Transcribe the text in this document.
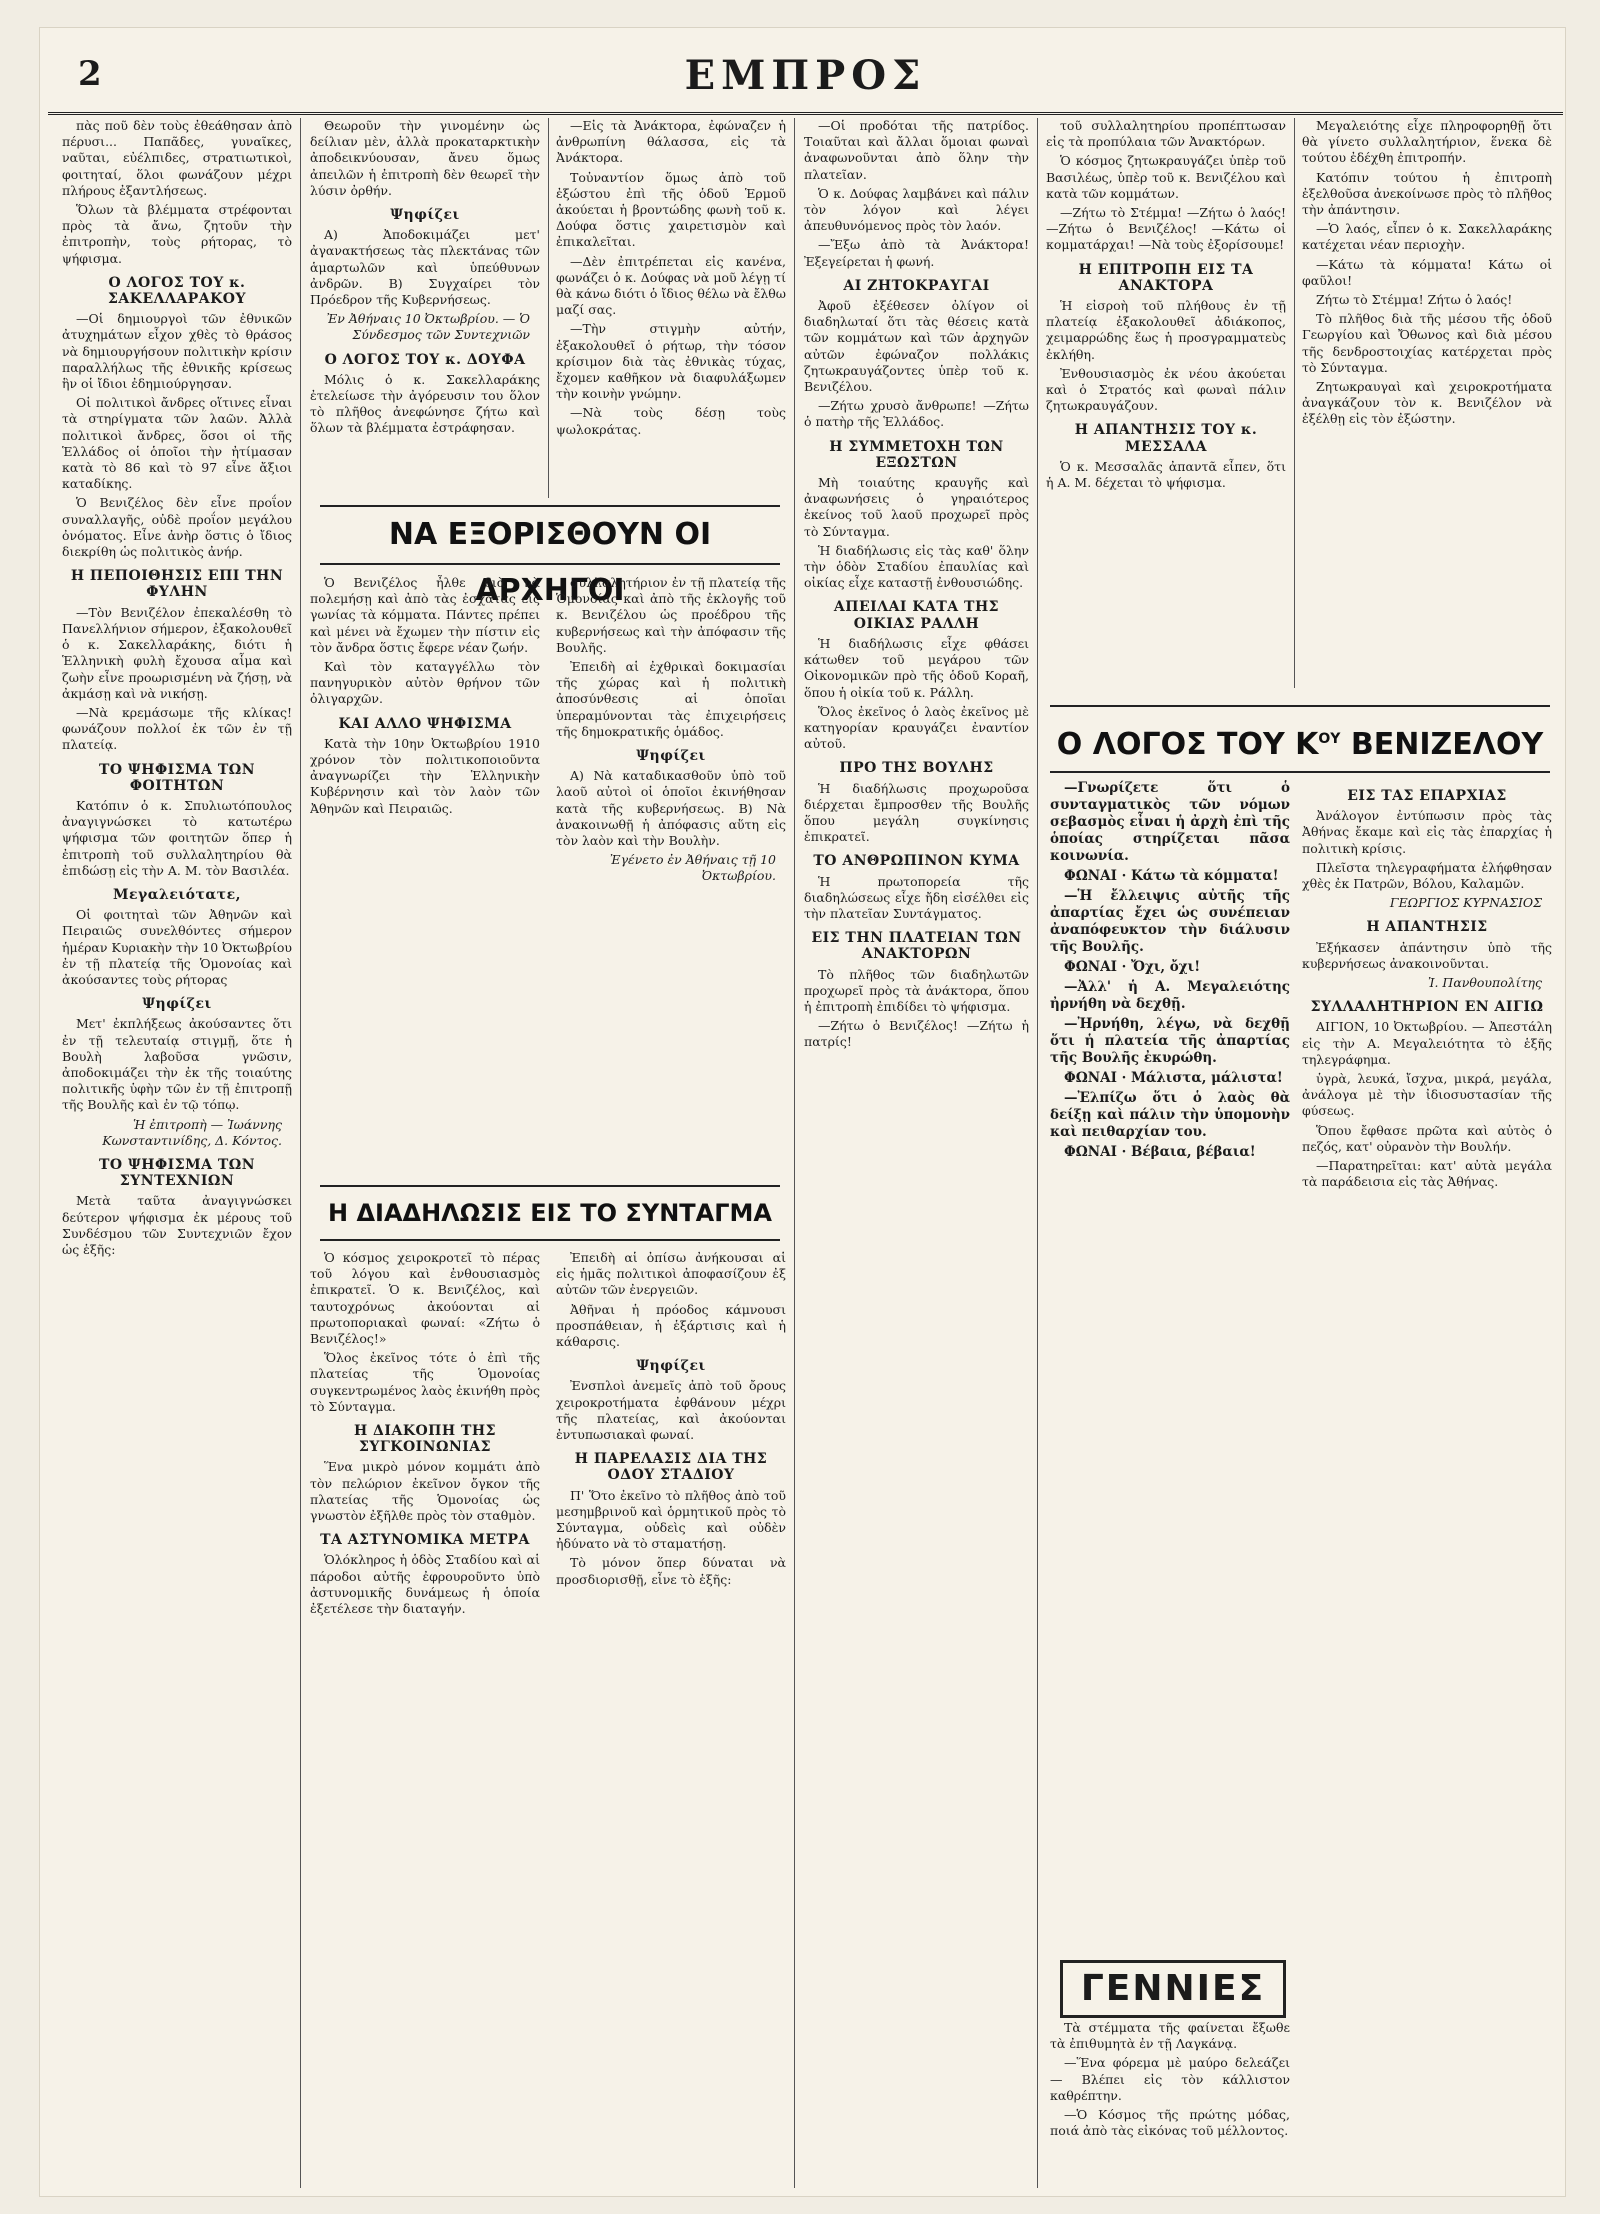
2	ΕΜΠΡΟΣ

πὰς ποῦ δὲν τοὺς ἐθεάθησαν ἀπὸ πέρυσι... Παπᾶδες, γυναῖκες, ναῦται, εὐέλπιδες, στρατιωτικοὶ, φοιτηταί, ὅλοι φωνάζουν μέχρι πλήρους ἐξαντλήσεως.

Ὅλων τὰ βλέμματα στρέφονται πρὸς τὰ ἄνω, ζητοῦν τὴν ἐπιτροπὴν, τοὺς ρήτορας, τὸ ψήφισμα.

Ο ΛΟΓΟΣ ΤΟΥ κ. ΣΑΚΕΛΛΑΡΑΚΟΥ

—Οἱ δημιουργοὶ τῶν ἐθνικῶν ἀτυχημάτων εἶχον χθὲς τὸ θράσος νὰ δημιουργήσουν πολιτικὴν κρίσιν παραλλήλως τῆς ἐθνικῆς κρίσεως ἣν οἱ ἴδιοι ἐδημιούργησαν.

Οἱ πολιτικοὶ ἄνδρες οἵτινες εἶναι τὰ στηρίγματα τῶν λαῶν. Ἀλλὰ πολιτικοὶ ἄνδρες, ὅσοι οἱ τῆς Ἑλλάδος οἱ ὁποῖοι τὴν ἠτίμασαν κατὰ τὸ 86 καὶ τὸ 97 εἶνε ἄξιοι καταδίκης.

Ὁ Βενιζέλος δὲν εἶνε προΐον συναλλαγῆς, οὐδὲ προΐον μεγάλου ὀνόματος. Εἶνε ἀνὴρ ὅστις ὁ ἴδιος διεκρίθη ὡς πολιτικὸς ἀνήρ.

Η ΠΕΠΟΙΘΗΣΙΣ ΕΠΙ ΤΗΝ ΦΥΛΗΝ

—Τὸν Βενιζέλον ἐπεκαλέσθη τὸ Πανελλήνιον σήμερον, ἐξακολουθεῖ ὁ κ. Σακελλαράκης, διότι ἡ Ἑλληνικὴ φυλὴ ἔχουσα αἷμα καὶ ζωὴν εἶνε προωρισμένη νὰ ζήσῃ, νὰ ἀκμάσῃ καὶ νὰ νικήσῃ.

—Νὰ κρεμάσωμε τῆς κλίκας! φωνάζουν πολλοί ἐκ τῶν ἐν τῇ πλατείᾳ.

ΤΟ ΨΗΦΙΣΜΑ ΤΩΝ ΦΟΙΤΗΤΩΝ

Κατόπιν ὁ κ. Σπυλιωτόπουλος ἀναγιγνώσκει τὸ κατωτέρω ψήφισμα τῶν φοιτητῶν ὅπερ ἡ ἐπιτροπὴ τοῦ συλλαλητηρίου θὰ ἐπιδώσῃ εἰς τὴν Α. Μ. τὸν Βασιλέα.

Μεγαλειότατε,

Οἱ φοιτηταὶ τῶν Ἀθηνῶν καὶ Πειραιῶς συνελθόντες σήμερον ἡμέραν Κυριακὴν τὴν 10 Ὀκτωβρίου ἐν τῇ πλατείᾳ τῆς Ὁμονοίας καὶ ἀκούσαντες τοὺς ρήτορας

Ψηφίζει

Μετ' ἐκπλήξεως ἀκούσαντες ὅτι ἐν τῇ τελευταίᾳ στιγμῇ, ὅτε ἡ Βουλὴ λαβοῦσα γνῶσιν, ἀποδοκιμάζει τὴν ἐκ τῆς τοιαύτης πολιτικῆς ὑφὴν τῶν ἐν τῇ ἐπιτροπῇ τῆς Βουλῆς καὶ ἐν τῷ τόπῳ.

Ἡ ἐπιτροπὴ — Ἰωάννης Κωνσταντινίδης, Δ. Κόντος.

ΤΟ ΨΗΦΙΣΜΑ ΤΩΝ ΣΥΝΤΕΧΝΙΩΝ

Μετὰ ταῦτα ἀναγιγνώσκει δεύτερον ψήφισμα ἐκ μέρους τοῦ Συνδέσμου τῶν Συντεχνιῶν ἔχον ὡς ἑξῆς:

Θεωροῦν τὴν γινομένην ὡς δείλιαν μὲν, ἀλλὰ προκαταρκτικὴν ἀποδεικνύουσαν, ἄνευ ὅμως ἀπειλῶν ἡ ἐπιτροπὴ δὲν θεωρεῖ τὴν λύσιν ὀρθήν.

Ψηφίζει

Α) Ἀποδοκιμάζει μετ' ἀγανακτήσεως τὰς πλεκτάνας τῶν ἁμαρτωλῶν καὶ ὑπεύθυνων ἀνδρῶν. Β) Συγχαίρει τὸν Πρόεδρον τῆς Κυβερνήσεως.

Ἐν Ἀθήναις 10 Ὀκτωβρίου. — Ὁ Σύνδεσμος τῶν Συντεχνιῶν

Ο ΛΟΓΟΣ ΤΟΥ κ. ΔΟΥΦΑ

Μόλις ὁ κ. Σακελλαράκης ἐτελείωσε τὴν ἀγόρευσιν του ὅλον τὸ πλῆθος ἀνεφώνησε ζήτω καὶ ὅλων τὰ βλέμματα ἐστράφησαν.

—Εἰς τὰ Ἀνάκτορα, ἐφώναζεν ἡ ἀνθρωπίνη θάλασσα, εἰς τὰ Ἀνάκτορα.

Τοὐναντίον ὅμως ἀπὸ τοῦ ἐξώστου ἐπὶ τῆς ὁδοῦ Ἑρμοῦ ἀκούεται ἡ βροντώδης φωνὴ τοῦ κ. Δούφα ὅστις χαιρετισμὸν καὶ ἐπικαλεῖται.

—Δὲν ἐπιτρέπεται εἰς κανένα, φωνάζει ὁ κ. Δούφας νὰ μοῦ λέγῃ τί θὰ κάνω διότι ὁ ἴδιος θέλω νὰ ἔλθω μαζί σας.

—Τὴν στιγμὴν αὐτήν, ἐξακολουθεῖ ὁ ρήτωρ, τὴν τόσον κρίσιμον διὰ τὰς ἐθνικὰς τύχας, ἔχομεν καθῆκον νὰ διαφυλάξωμεν τὴν κοινὴν γνώμην.

—Νὰ τοὺς δέσῃ τοὺς ψωλοκράτας.

ΝΑ ΕΞΟΡΙΣΘΟΥΝ ΟΙ ΑΡΧΗΓΟΙ

Ὁ Βενιζέλος ἦλθε διὰ νὰ πολεμήσῃ καὶ ἀπὸ τὰς ἐσχάτας εἰς γωνίας τὰ κόμματα. Πάντες πρέπει καὶ μένει νὰ ἔχωμεν τὴν πίστιν εἰς τὸν ἄνδρα ὅστις ἔφερε νέαν ζωήν.

Καὶ τὸν καταγγέλλω τὸν πανηγυρικὸν αὐτὸν θρήνον τῶν ὀλιγαρχῶν.

ΚΑΙ ΑΛΛΟ ΨΗΦΙΣΜΑ

Κατὰ τὴν 10ην Ὀκτωβρίου 1910 χρόνον τὸν πολιτικοποιοῦντα ἀναγνωρίζει τὴν Ἑλληνικὴν Κυβέρνησιν καὶ τὸν λαὸν τῶν Ἀθηνῶν καὶ Πειραιῶς.

συλλαλητήριον ἐν τῇ πλατείᾳ τῆς Ὁμονοίας καὶ ἀπὸ τῆς ἐκλογῆς τοῦ κ. Βενιζέλου ὡς προέδρου τῆς κυβερνήσεως καὶ τὴν ἀπόφασιν τῆς Βουλῆς.

Ἐπειδὴ αἱ ἐχθρικαὶ δοκιμασίαι τῆς χώρας καὶ ἡ πολιτικὴ ἀποσύνθεσις αἱ ὁποῖαι ὑπεραμύνονται τὰς ἐπιχειρήσεις τῆς δημοκρατικῆς ὁμάδος.

Ψηφίζει

Α) Νὰ καταδικασθοῦν ὑπὸ τοῦ λαοῦ αὐτοὶ οἱ ὁποῖοι ἐκινήθησαν κατὰ τῆς κυβερνήσεως. Β) Νὰ ἀνακοινωθῇ ἡ ἀπόφασις αὕτη εἰς τὸν λαὸν καὶ τὴν Βουλὴν.

Ἐγένετο ἐν Ἀθήναις τῇ 10 Ὀκτωβρίου.

Η ΔΙΑΔΗΛΩΣΙΣ ΕΙΣ ΤΟ ΣΥΝΤΑΓΜΑ

Ὁ κόσμος χειροκροτεῖ τὸ πέρας τοῦ λόγου καὶ ἐνθουσιασμὸς ἐπικρατεῖ. Ὁ κ. Βενιζέλος, καὶ ταυτοχρόνως ἀκούονται αἱ πρωτοποριακαὶ φωναί: «Ζήτω ὁ Βενιζέλος!»

Ὅλος ἐκεῖνος τότε ὁ ἐπὶ τῆς πλατείας τῆς Ὁμονοίας συγκεντρωμένος λαὸς ἐκινήθη πρὸς τὸ Σύνταγμα.

Η ΔΙΑΚΟΠΗ ΤΗΣ ΣΥΓΚΟΙΝΩΝΙΑΣ

Ἕνα μικρὸ μόνον κομμάτι ἀπὸ τὸν πελώριον ἐκεῖνον ὄγκον τῆς πλατείας τῆς Ὁμονοίας ὡς γνωστὸν ἐξῆλθε πρὸς τὸν σταθμὸν.

ΤΑ ΑΣΤΥΝΟΜΙΚΑ ΜΕΤΡΑ

Ὁλόκληρος ἡ ὁδὸς Σταδίου καὶ αἱ πάροδοι αὐτῆς ἐφρουροῦντο ὑπὸ ἀστυνομικῆς δυνάμεως ἡ ὁποία ἐξετέλεσε τὴν διαταγήν.

Ἐπειδὴ αἱ ὀπίσω ἀνήκουσαι αἱ εἰς ἡμᾶς πολιτικοὶ ἀποφασίζουν ἐξ αὐτῶν τῶν ἐνεργειῶν.

Ἀθῆναι ἡ πρόοδος κάμνουσι προσπάθειαν, ἡ ἑξάρτισις καὶ ἡ κάθαρσις.

Ψηφίζει

Ἐνσπλοὶ ἀνεμεῖς ἀπὸ τοῦ ὄρους χειροκροτήματα ἐφθάνουν μέχρι τῆς πλατείας, καὶ ἀκούονται ἐντυπωσιακαὶ φωναί.

Η ΠΑΡΕΛΑΣΙΣ ΔΙΑ ΤΗΣ ΟΔΟΥ ΣΤΑΔΙΟΥ

Π' Ὅτο ἐκεῖνο τὸ πλῆθος ἀπὸ τοῦ μεσημβρινοῦ καὶ ὁρμητικοῦ πρὸς τὸ Σύνταγμα, οὐδεὶς καὶ οὐδὲν ἠδύνατο νὰ τὸ σταματήσῃ.

Τὸ μόνον ὅπερ δύναται νὰ προσδιορισθῇ, εἶνε τὸ ἑξῆς:

—Οἱ προδόται τῆς πατρίδος. Τοιαῦται καὶ ἄλλαι ὅμοιαι φωναὶ ἀναφωνοῦνται ἀπὸ ὅλην τὴν πλατεῖαν.

Ὁ κ. Δούφας λαμβάνει καὶ πάλιν τὸν λόγον καὶ λέγει ἀπευθυνόμενος πρὸς τὸν λαόν.

—Ἔξω ἀπὸ τὰ Ἀνάκτορα! Ἐξεγείρεται ἡ φωνή.

ΑΙ ΖΗΤΟΚΡΑΥΓΑΙ

Ἀφοῦ ἐξέθεσεν ὀλίγον οἱ διαδηλωταί ὅτι τὰς θέσεις κατὰ τῶν κομμάτων καὶ τῶν ἀρχηγῶν αὐτῶν ἐφώναζον πολλάκις ζητωκραυγάζοντες ὑπὲρ τοῦ κ. Βενιζέλου.

—Ζήτω χρυσὸ ἄνθρωπε! —Ζήτω ὁ πατὴρ τῆς Ἑλλάδος.

Η ΣΥΜΜΕΤΟΧΗ ΤΩΝ ΕΞΩΣΤΩΝ

Μὴ τοιαύτης κραυγῆς καὶ ἀναφωνήσεις ὁ γηραιότερος ἐκείνος τοῦ λαοῦ προχωρεῖ πρὸς τὸ Σύνταγμα.

Ἡ διαδήλωσις εἰς τὰς καθ' ὅλην τὴν ὁδὸν Σταδίου ἐπαυλίας καὶ οἰκίας εἶχε καταστῇ ἐνθουσιώδης.

ΑΠΕΙΛΑΙ ΚΑΤΑ ΤΗΣ ΟΙΚΙΑΣ ΡΑΛΛΗ

Ἡ διαδήλωσις εἶχε φθάσει κάτωθεν τοῦ μεγάρου τῶν Οἰκονομικῶν πρὸ τῆς ὁδοῦ Κοραῆ, ὅπου ἡ οἰκία τοῦ κ. Ράλλη.

Ὅλος ἐκεῖνος ὁ λαὸς ἐκεῖνος μὲ κατηγορίαν κραυγάζει ἐναντίον αὐτοῦ.

ΠΡΟ ΤΗΣ ΒΟΥΛΗΣ

Ἡ διαδήλωσις προχωροῦσα διέρχεται ἔμπροσθεν τῆς Βουλῆς ὅπου μεγάλη συγκίνησις ἐπικρατεῖ.

ΤΟ ΑΝΘΡΩΠΙΝΟΝ ΚΥΜΑ

Ἡ πρωτοπορεία τῆς διαδηλώσεως εἶχε ἤδη εἰσέλθει εἰς τὴν πλατεῖαν Συντάγματος.

ΕΙΣ ΤΗΝ ΠΛΑΤΕΙΑΝ ΤΩΝ ΑΝΑΚΤΟΡΩΝ

Τὸ πλῆθος τῶν διαδηλωτῶν προχωρεῖ πρὸς τὰ ἀνάκτορα, ὅπου ἡ ἐπιτροπὴ ἐπιδίδει τὸ ψήφισμα.

—Ζήτω ὁ Βενιζέλος! —Ζήτω ἡ πατρίς!

τοῦ συλλαλητηρίου προπέπτωσαν εἰς τὰ προπύλαια τῶν Ἀνακτόρων.

Ὁ κόσμος ζητωκραυγάζει ὑπὲρ τοῦ Βασιλέως, ὑπὲρ τοῦ κ. Βενιζέλου καὶ κατὰ τῶν κομμάτων.

—Ζήτω τὸ Στέμμα! —Ζήτω ὁ λαός! —Ζήτω ὁ Βενιζέλος! —Κάτω οἱ κομματάρχαι! —Νὰ τοὺς ἐξορίσουμε!

Η ΕΠΙΤΡΟΠΗ ΕΙΣ ΤΑ ΑΝΑΚΤΟΡΑ

Ἡ εἰσροὴ τοῦ πλήθους ἐν τῇ πλατείᾳ ἐξακολουθεῖ ἀδιάκοπος, χειμαρρώδης ἕως ἡ προσγραμματεὺς ἐκλήθη.

Ἐνθουσιασμὸς ἐκ νέου ἀκούεται καὶ ὁ Στρατός καὶ φωναὶ πάλιν ζητωκραυγάζουν.

Η ΑΠΑΝΤΗΣΙΣ ΤΟΥ κ. ΜΕΣΣΑΛΑ

Ὁ κ. Μεσσαλᾶς ἀπαντᾶ εἶπεν, ὅτι ἡ Α. Μ. δέχεται τὸ ψήφισμα.

Μεγαλειότης εἶχε πληροφορηθῇ ὅτι θὰ γίνετο συλλαλητήριον, ἕνεκα δὲ τούτου ἐδέχθη ἐπιτροπήν.

Κατόπιν τούτου ἡ ἐπιτροπὴ ἐξελθοῦσα ἀνεκοίνωσε πρὸς τὸ πλῆθος τὴν ἀπάντησιν.

—Ὁ λαός, εἶπεν ὁ κ. Σακελλαράκης κατέχεται νέαν περιοχὴν.

—Κάτω τὰ κόμματα! Κάτω οἱ φαῦλοι!

Ζήτω τὸ Στέμμα! Ζήτω ὁ λαός!

Τὸ πλῆθος διὰ τῆς μέσου τῆς ὁδοῦ Γεωργίου καὶ Ὄθωνος καὶ διὰ μέσου τῆς δενδροστοιχίας κατέρχεται πρὸς τὸ Σύνταγμα.

Ζητωκραυγαὶ καὶ χειροκροτήματα ἀναγκάζουν τὸν κ. Βενιζέλον νὰ ἐξέλθῃ εἰς τὸν ἐξώστην.

Ο ΛΟΓΟΣ ΤΟΥ $K^{O\Upsilon}$ ΒΕΝΙΖΕΛΟΥ

—Γνωρίζετε ὅτι ὁ συνταγματικὸς τῶν νόμων σεβασμὸς εἶναι ἡ ἀρχὴ ἐπὶ τῆς ὁποίας στηρίζεται πᾶσα κοινωνία.

ΦΩΝΑΙ · Κάτω τὰ κόμματα!

—Ἡ ἔλλειψις αὐτῆς τῆς ἀπαρτίας ἔχει ὡς συνέπειαν ἀναπόφευκτον τὴν διάλυσιν τῆς Βουλῆς.

ΦΩΝΑΙ · Ὄχι, ὄχι!

—Ἀλλ' ἡ Α. Μεγαλειότης ἠρνήθη νὰ δεχθῇ.

—Ἠρνήθη, λέγω, νὰ δεχθῇ ὅτι ἡ πλατεία τῆς ἀπαρτίας τῆς Βουλῆς ἐκυρώθη.

ΦΩΝΑΙ · Μάλιστα, μάλιστα!

—Ἐλπίζω ὅτι ὁ λαὸς θὰ δείξῃ καὶ πάλιν τὴν ὑπομονὴν καὶ πειθαρχίαν του.

ΦΩΝΑΙ · Βέβαια, βέβαια!

ΕΙΣ ΤΑΣ ΕΠΑΡΧΙΑΣ

Ἀνάλογον ἐντύπωσιν πρὸς τὰς Ἀθήνας ἔκαμε καὶ εἰς τὰς ἐπαρχίας ἡ πολιτικὴ κρίσις.

Πλεῖστα τηλεγραφήματα ἐλήφθησαν χθὲς ἐκ Πατρῶν, Βόλου, Καλαμῶν.

ΓΕΩΡΓΙΟΣ ΚΥΡΝΑΣΙΟΣ

Η ΑΠΑΝΤΗΣΙΣ

Ἐξήκασεν ἀπάντησιν ὑπὸ τῆς κυβερνήσεως ἀνακοινοῦνται.

Ἰ. Πανθουπολίτης

ΣΥΛΛΑΛΗΤΗΡΙΟΝ ΕΝ ΑΙΓΙΩ

ΑΙΓΙΟΝ, 10 Ὀκτωβρίου. — Ἀπεστάλη εἰς τὴν Α. Μεγαλειότητα τὸ ἑξῆς τηλεγράφημα.

ὑγρὰ, λευκά, ἴσχνα, μικρά, μεγάλα, ἀνάλογα μὲ τὴν ἰδιοσυστασίαν τῆς φύσεως.

Ὅπου ἔφθασε πρῶτα καὶ αὐτὸς ὁ πεζός, κατ' οὐρανὸν τὴν Βουλήν.

—Παρατηρεῖται: κατ' αὐτὰ μεγάλα τὰ παράδεισια εἰς τὰς Ἀθήνας.

ΓΕΝΝΙΕΣ

Τὰ στέμματα τῆς φαίνεται ἔξωθε τὰ ἐπιθυμητὰ ἐν τῇ Λαγκάνᾳ.

—Ἕνα φόρεμα μὲ μαύρο δελεάζει — Βλέπει εἰς τὸν κάλλιστον καθρέπτην.

—Ὁ Κόσμος τῆς πρώτης μόδας, ποιά ἀπὸ τὰς εἰκόνας τοῦ μέλλοντος.
